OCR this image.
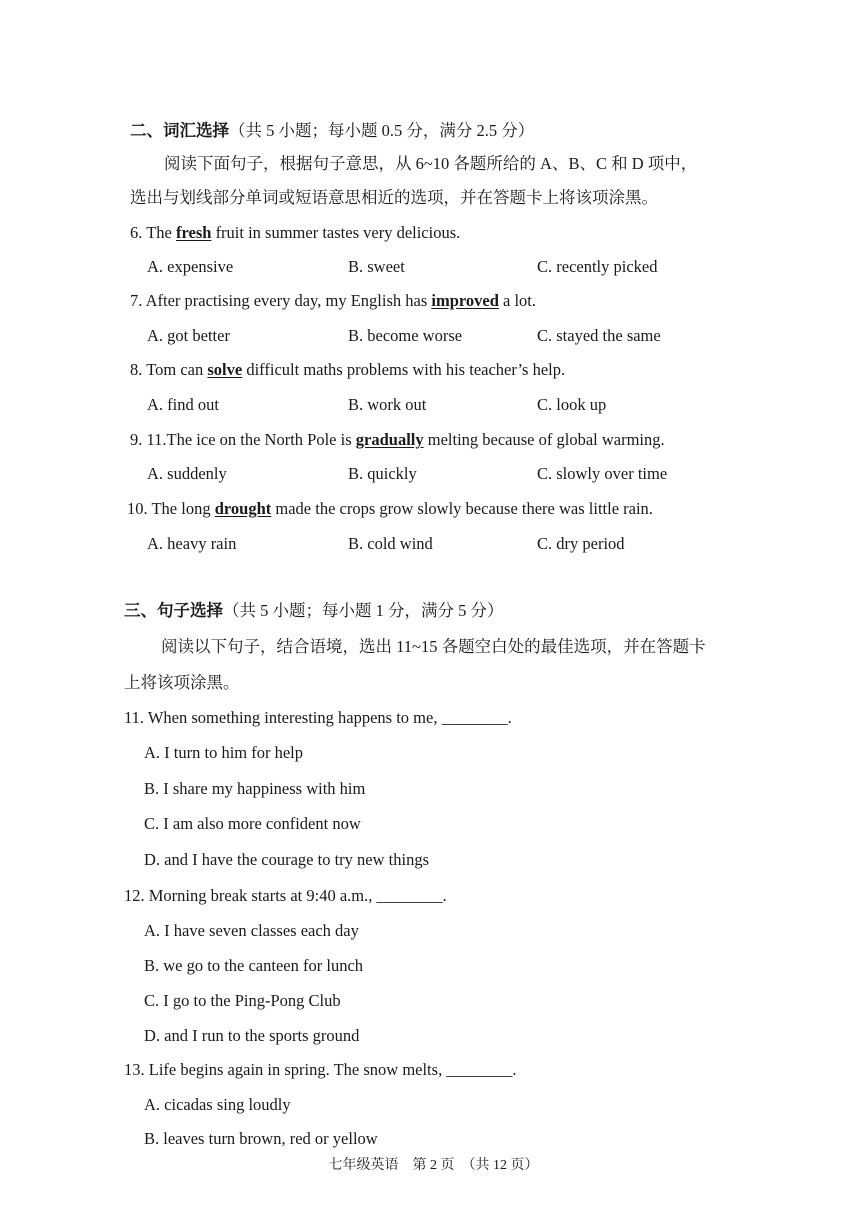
二、词汇选择（共 5 小题；每小题 0.5 分，满分 2.5 分）
阅读下面句子，根据句子意思，从 6~10 各题所给的 A、B、C 和 D 项中，
选出与划线部分单词或短语意思相近的选项，并在答题卡上将该项涂黑。
6. The fresh fruit in summer tastes very delicious.
A. expensive	B. sweet	C. recently picked
7. After practising every day, my English has improved a lot.
A. got better	B. become worse	C. stayed the same
8. Tom can solve difficult maths problems with his teacher’s help.
A. find out	B. work out	C. look up
9. 11.The ice on the North Pole is gradually melting because of global warming.
A. suddenly	B. quickly	C. slowly over time
10. The long drought made the crops grow slowly because there was little rain.
A. heavy rain	B. cold wind	C. dry period
三、句子选择（共 5 小题；每小题 1 分，满分 5 分）
阅读以下句子，结合语境，选出 11~15 各题空白处的最佳选项，并在答题卡
上将该项涂黑。
11. When something interesting happens to me, ________.
A. I turn to him for help
B. I share my happiness with him
C. I am also more confident now
D. and I have the courage to try new things
12. Morning break starts at 9:40 a.m., ________.
A. I have seven classes each day
B. we go to the canteen for lunch
C. I go to the Ping-Pong Club
D. and I run to the sports ground
13. Life begins again in spring. The snow melts, ________.
A. cicadas sing loudly
B. leaves turn brown, red or yellow
七年级英语　第 2 页　（共 12 页）
